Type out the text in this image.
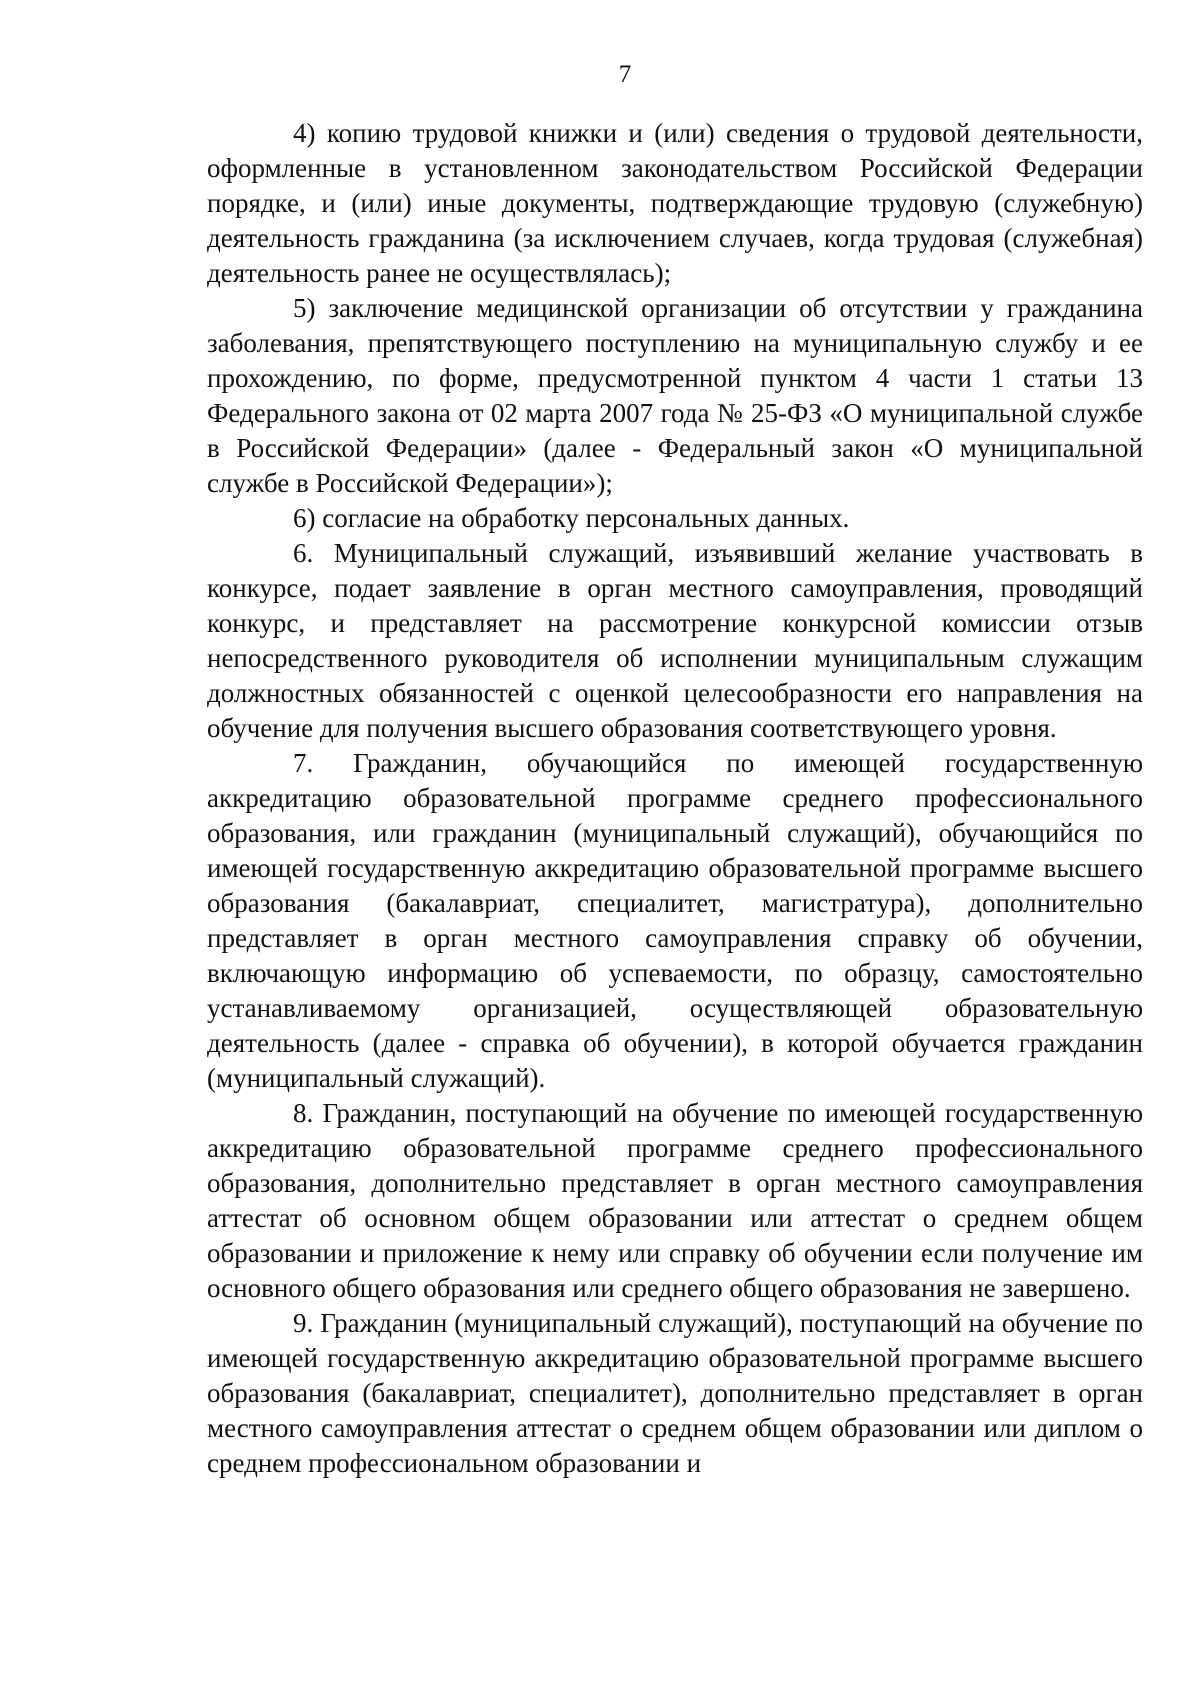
7

4) копию трудовой книжки и (или) сведения о трудовой деятельности, оформленные в установленном законодательством Российской Федерации порядке, и (или) иные документы, подтверждающие трудовую (служебную) деятельность гражданина (за исключением случаев, когда трудовая (служебная) деятельность ранее не осуществлялась);

5) заключение медицинской организации об отсутствии у гражданина заболевания, препятствующего поступлению на муниципальную службу и ее прохождению, по форме, предусмотренной пунктом 4 части 1 статьи 13 Федерального закона от 02 марта 2007 года № 25-ФЗ «О муниципальной службе в Российской Федерации» (далее - Федеральный закон «О муниципальной службе в Российской Федерации»);

6) согласие на обработку персональных данных.

6. Муниципальный служащий, изъявивший желание участвовать в конкурсе, подает заявление в орган местного самоуправления, проводящий конкурс, и представляет на рассмотрение конкурсной комиссии отзыв непосредственного руководителя об исполнении муниципальным служащим должностных обязанностей с оценкой целесообразности его направления на обучение для получения высшего образования соответствующего уровня.

7. Гражданин, обучающийся по имеющей государственную аккредитацию образовательной программе среднего профессионального образования, или гражданин (муниципальный служащий), обучающийся по имеющей государственную аккредитацию образовательной программе высшего образования (бакалавриат, специалитет, магистратура), дополнительно представляет в орган местного самоуправления справку об обучении, включающую информацию об успеваемости, по образцу, самостоятельно устанавливаемому организацией, осуществляющей образовательную деятельность (далее - справка об обучении), в которой обучается гражданин (муниципальный служащий).

8. Гражданин, поступающий на обучение по имеющей государственную аккредитацию образовательной программе среднего профессионального образования, дополнительно представляет в орган местного самоуправления аттестат об основном общем образовании или аттестат о среднем общем образовании и приложение к нему или справку об обучении если получение им основного общего образования или среднего общего образования не завершено.

9. Гражданин (муниципальный служащий), поступающий на обучение по имеющей государственную аккредитацию образовательной программе высшего образования (бакалавриат, специалитет), дополнительно представляет в орган местного самоуправления аттестат о среднем общем образовании или диплом о среднем профессиональном образовании и
